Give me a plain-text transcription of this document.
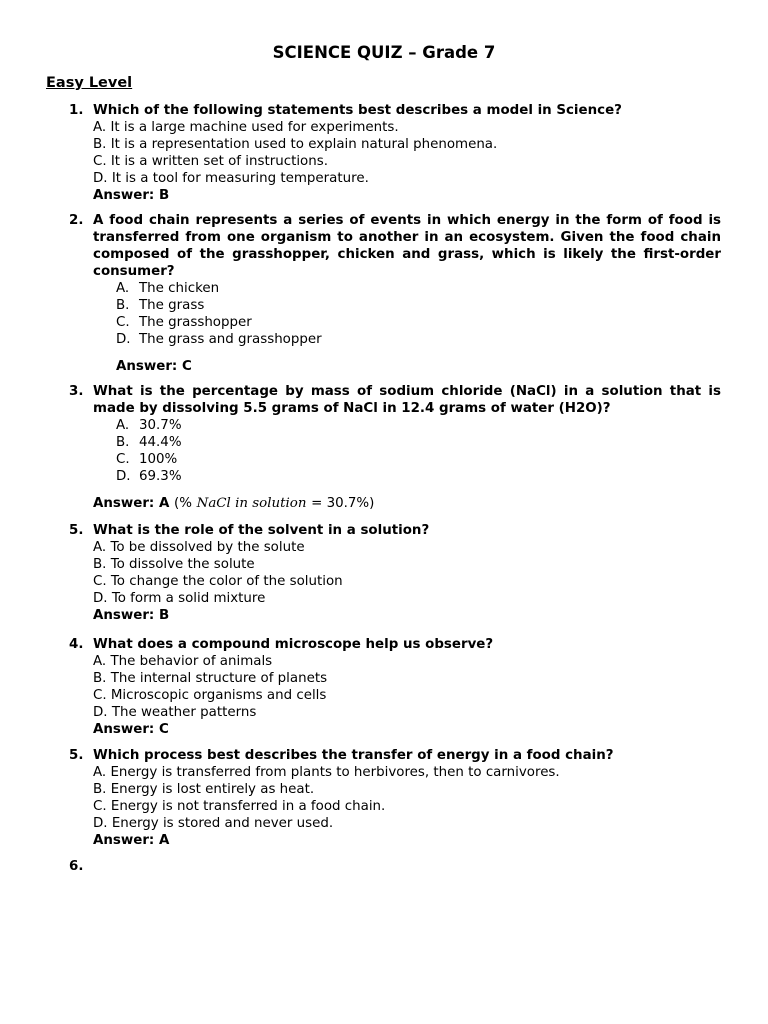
SCIENCE QUIZ – Grade 7
Easy Level
1. Which of the following statements best describes a model in Science?
A. It is a large machine used for experiments.
B. It is a representation used to explain natural phenomena.
C. It is a written set of instructions.
D. It is a tool for measuring temperature.
Answer: B
2. A food chain represents a series of events in which energy in the form of food is transferred from one organism to another in an ecosystem. Given the food chain composed of the grasshopper, chicken and grass, which is likely the first-order consumer?
A. The chicken
B. The grass
C. The grasshopper
D. The grass and grasshopper
Answer: C
3. What is the percentage by mass of sodium chloride (NaCl) in a solution that is made by dissolving 5.5 grams of NaCl in 12.4 grams of water (H2O)?
A. 30.7%
B. 44.4%
C. 100%
D. 69.3%
Answer: A (% NaCl in solution = 30.7%)
5. What is the role of the solvent in a solution?
A. To be dissolved by the solute
B. To dissolve the solute
C. To change the color of the solution
D. To form a solid mixture
Answer: B
4. What does a compound microscope help us observe?
A. The behavior of animals
B. The internal structure of planets
C. Microscopic organisms and cells
D. The weather patterns
Answer: C
5. Which process best describes the transfer of energy in a food chain?
A. Energy is transferred from plants to herbivores, then to carnivores.
B. Energy is lost entirely as heat.
C. Energy is not transferred in a food chain.
D. Energy is stored and never used.
Answer: A
6.
